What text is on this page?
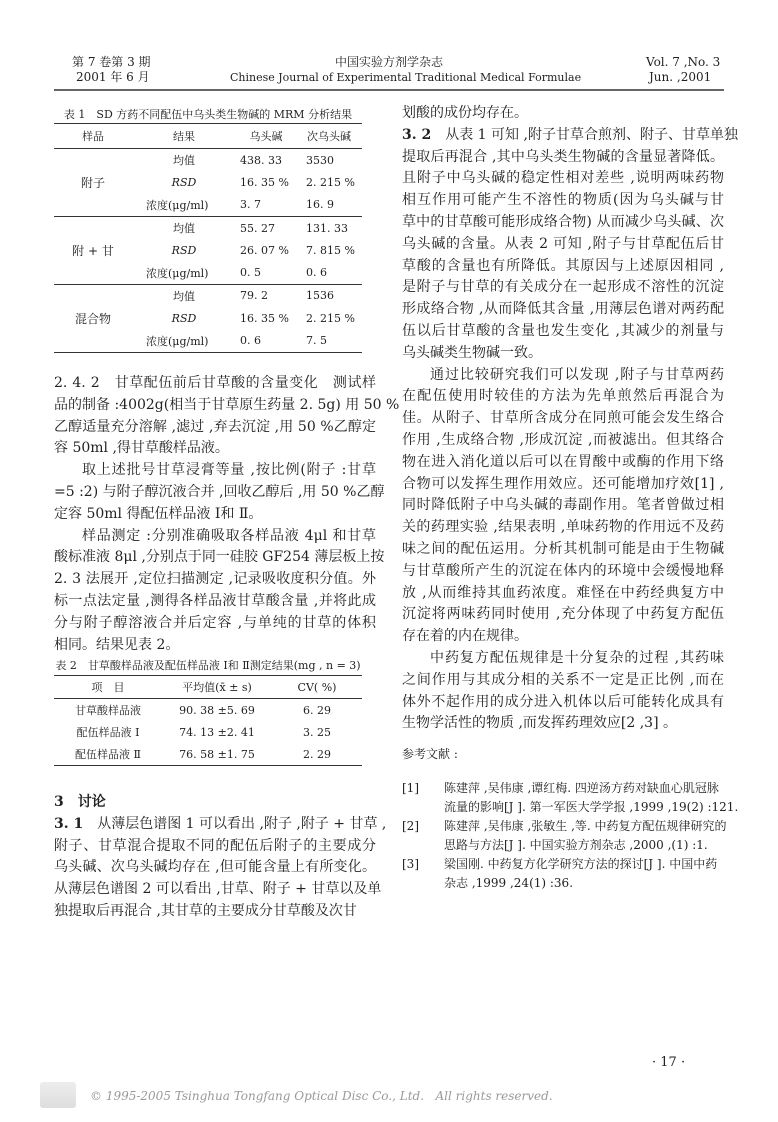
第 7 卷第 3 期
2001 年 6 月
中国实验方剂学杂志
Chinese Journal of Experimental Traditional Medical Formulae
Vol. 7 ,No. 3
Jun. ,2001
表 1　SD 方药不同配伍中乌头类生物碱的 MRM 分析结果
样品	结果	乌头碱	次乌头碱
附子	均值	438. 33	3530
	RSD	16. 35 %	2. 215 %
	浓度(μg/ml)	3. 7	16. 9
附 + 甘	均值	55. 27	131. 33
	RSD	26. 07 %	7. 815 %
	浓度(μg/ml)	0. 5	0. 6
混合物	均值	79. 2	1536
	RSD	16. 35 %	2. 215 %
	浓度(μg/ml)	0. 6	7. 5
2. 4. 2　甘草配伍前后甘草酸的含量变化　测试样
品的制备 :4002g(相当于甘草原生药量 2. 5g) 用 50 %
乙醇适量充分溶解 ,滤过 ,弃去沉淀 ,用 50 %乙醇定
容 50ml ,得甘草酸样品液。
取上述批号甘草浸膏等量 ,按比例(附子 :甘草
=5 :2) 与附子醇沉液合并 ,回收乙醇后 ,用 50 %乙醇
定容 50ml 得配伍样品液 Ⅰ和 Ⅱ。
样品测定 :分别准确吸取各样品液 4μl 和甘草
酸标准液 8μl ,分别点于同一硅胶 GF254 薄层板上按
2. 3 法展开 ,定位扫描测定 ,记录吸收度积分值。外
标一点法定量 ,测得各样品液甘草酸含量 ,并将此成
分与附子醇溶液合并后定容 ,与单纯的甘草的体积
相同。结果见表 2。
表 2　甘草酸样品液及配伍样品液 Ⅰ和 Ⅱ测定结果(mg , n = 3)
项　目	平均值(x̄ ± s)	CV( %)
甘草酸样品液	90. 38 ±5. 69	6. 29
配伍样品液 Ⅰ	74. 13 ±2. 41	3. 25
配伍样品液 Ⅱ	76. 58 ±1. 75	2. 29
3　讨论
3. 1　从薄层色谱图 1 可以看出 ,附子 ,附子 + 甘草 ,
附子、甘草混合提取不同的配伍后附子的主要成分
乌头碱、次乌头碱均存在 ,但可能含量上有所变化。
从薄层色谱图 2 可以看出 ,甘草、附子 + 甘草以及单
独提取后再混合 ,其甘草的主要成分甘草酸及次甘
划酸的成份均存在。
3. 2　从表 1 可知 ,附子甘草合煎剂、附子、甘草单独
提取后再混合 ,其中乌头类生物碱的含量显著降低。
且附子中乌头碱的稳定性相对差些 ,说明两味药物
相互作用可能产生不溶性的物质(因为乌头碱与甘
草中的甘草酸可能形成络合物) 从而减少乌头碱、次
乌头碱的含量。从表 2 可知 ,附子与甘草配伍后甘
草酸的含量也有所降低。其原因与上述原因相同 ,
是附子与甘草的有关成分在一起形成不溶性的沉淀
形成络合物 ,从而降低其含量 ,用薄层色谱对两药配
伍以后甘草酸的含量也发生变化 ,其减少的剂量与
乌头碱类生物碱一致。
通过比较研究我们可以发现 ,附子与甘草两药
在配伍使用时较佳的方法为先单煎然后再混合为
佳。从附子、甘草所含成分在同煎可能会发生络合
作用 ,生成络合物 ,形成沉淀 ,而被滤出。但其络合
物在进入消化道以后可以在胃酸中或酶的作用下络
合物可以发挥生理作用效应。还可能增加疗效[1] ,
同时降低附子中乌头碱的毒副作用。笔者曾做过相
关的药理实验 ,结果表明 ,单味药物的作用远不及药
味之间的配伍运用。分析其机制可能是由于生物碱
与甘草酸所产生的沉淀在体内的环境中会缓慢地释
放 ,从而维持其血药浓度。难怪在中药经典复方中
沉淀将两味药同时使用 ,充分体现了中药复方配伍
存在着的内在规律。
中药复方配伍规律是十分复杂的过程 ,其药味
之间作用与其成分相的关系不一定是正比例 ,而在
体外不起作用的成分进入机体以后可能转化成具有
生物学活性的物质 ,而发挥药理效应[2 ,3] 。
参考文献 :
[1] 陈建萍 ,吴伟康 ,谭红梅. 四逆汤方药对缺血心肌冠脉
流量的影响[J ]. 第一军医大学学报 ,1999 ,19(2) :121.
[2] 陈建萍 ,吴伟康 ,张敏生 ,等. 中药复方配伍规律研究的
思路与方法[J ]. 中国实验方剂杂志 ,2000 ,(1) :1.
[3] 梁国刚. 中药复方化学研究方法的探讨[J ]. 中国中药
杂志 ,1999 ,24(1) :36.
· 17 ·
© 1995-2005 Tsinghua Tongfang Optical Disc Co., Ltd.   All rights reserved.
